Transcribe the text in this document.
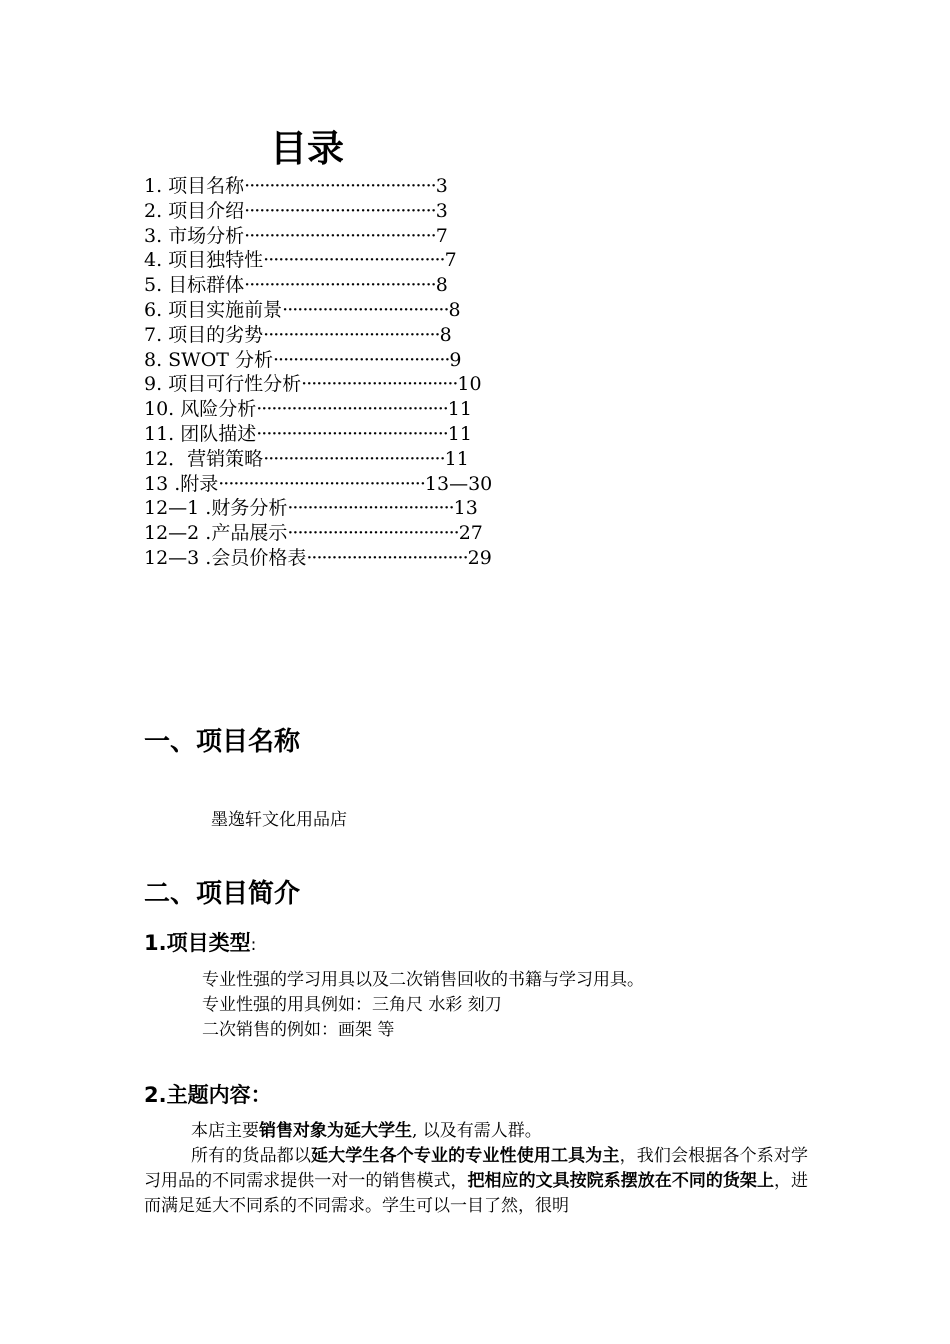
目录
1. 项目名称······································3
2. 项目介绍······································3
3. 市场分析······································7
4. 项目独特性····································7
5. 目标群体······································8
6. 项目实施前景·································8
7. 项目的劣势···································8
8. SWOT 分析···································9
9. 项目可行性分析·······························10
10. 风险分析······································11
11. 团队描述······································11
12．营销策略····································11
13 .附录·········································13—30
12—1 .财务分析·································13
12—2 .产品展示··································27
12—3 .会员价格表································29
一、项目名称
墨逸轩文化用品店
二、项目简介
1.项目类型:
专业性强的学习用具以及二次销售回收的书籍与学习用具。
专业性强的用具例如：三角尺 水彩 刻刀
二次销售的例如：画架 等
2.主题内容：

本店主要销售对象为延大学生, 以及有需人群。

所有的货品都以延大学生各个专业的专业性使用工具为主，我们会根据各个系对学习用品的不同需求提供一对一的销售模式，把相应的文具按院系摆放在不同的货架上，进而满足延大不同系的不同需求。学生可以一目了然，很明
